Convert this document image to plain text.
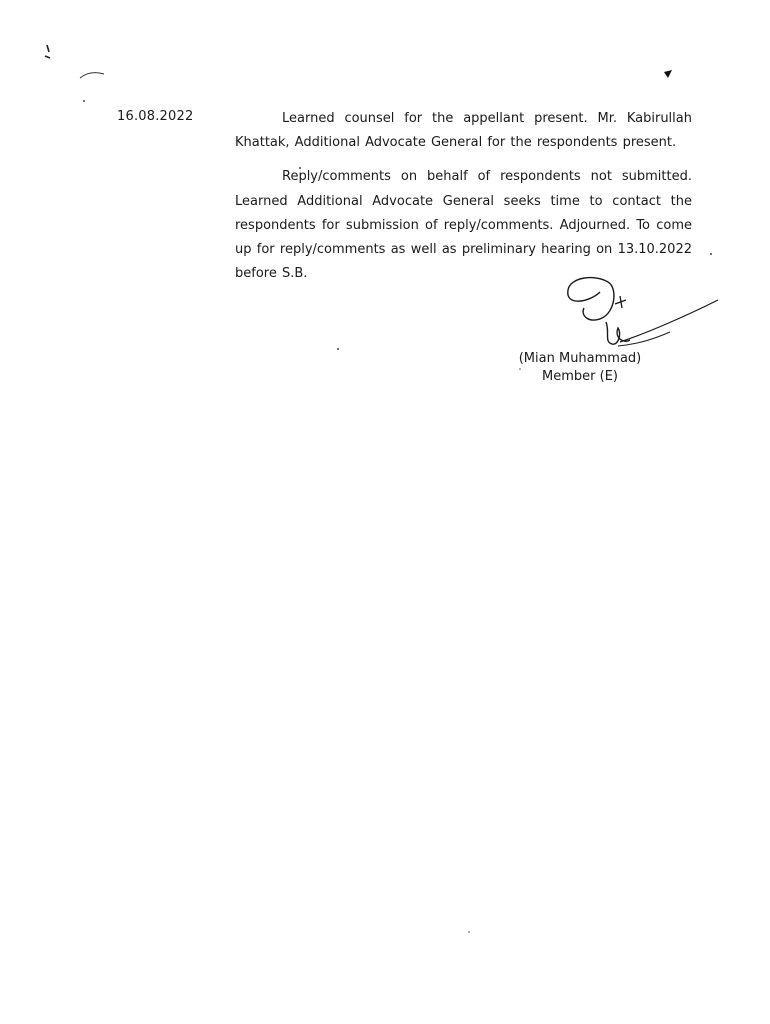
16.08.2022	Learned counsel for the appellant present. Mr. Kabirullah Khattak, Additional Advocate General for the respondents present.

Reply/comments on behalf of respondents not submitted. Learned Additional Advocate General seeks time to contact the respondents for submission of reply/comments. Adjourned. To come up for reply/comments as well as preliminary hearing on 13.10.2022 before S.B.

(Mian Muhammad)
Member (E)
